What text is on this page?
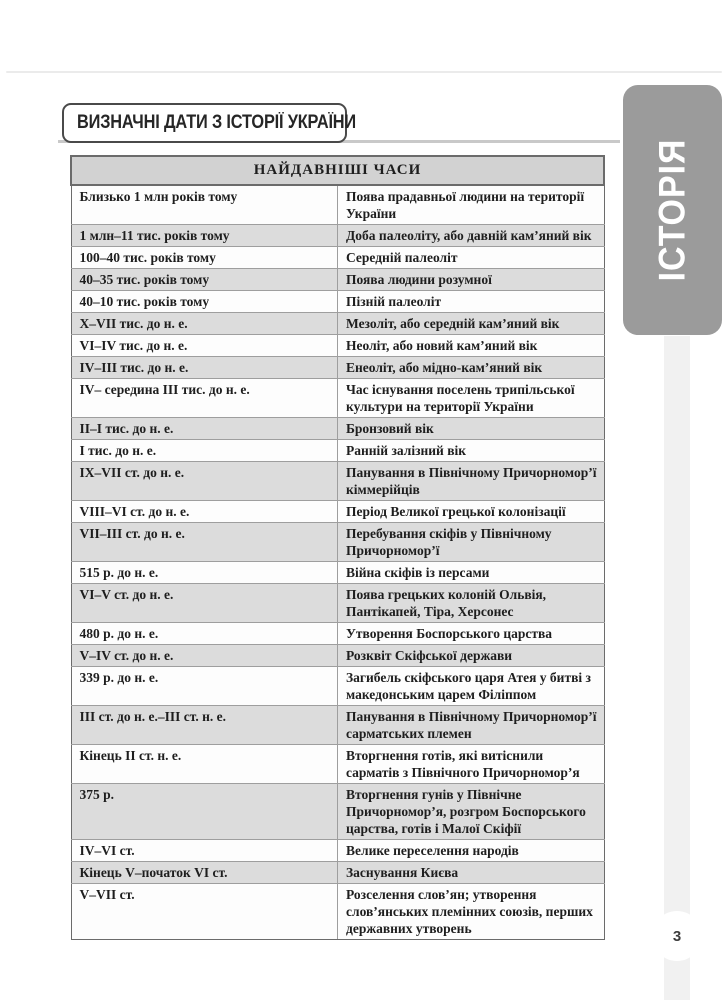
ВИЗНАЧНІ ДАТИ З ІСТОРІЇ УКРАЇНИ
ІСТОРІЯ
3
НАЙДАВНІШІ ЧАСИ	
Близько 1 млн років тому	Поява прадавньої людини на території України
1 млн–11 тис. років тому	Доба палеоліту, або давній кам’яний вік
100–40 тис. років тому	Середній палеоліт
40–35 тис. років тому	Поява людини розумної
40–10 тис. років тому	Пізній палеоліт
X–VII тис. до н. е.	Мезоліт, або середній кам’яний вік
VI–IV тис. до н. е.	Неоліт, або новий кам’яний вік
IV–III тис. до н. е.	Енеоліт, або мідно-кам’яний вік
IV– середина III тис. до н. е.	Час існування поселень трипільської культури на території України
II–I тис. до н. е.	Бронзовий вік
I тис. до н. е.	Ранній залізний вік
IX–VII ст. до н. е.	Панування в Північному Причорномор’ї кіммерійців
VIII–VI ст. до н. е.	Період Великої грецької колонізації
VII–III ст. до н. е.	Перебування скіфів у Північному Причорномор’ї
515 р. до н. е.	Війна скіфів із персами
VI–V ст. до н. е.	Поява грецьких колоній Ольвія, Пантікапей, Тіра, Херсонес
480 р. до н. е.	Утворення Боспорського царства
V–IV ст. до н. е.	Розквіт Скіфської держави
339 р. до н. е.	Загибель скіфського царя Атея у битві з македонським царем Філіппом
III ст. до н. е.–III ст. н. е.	Панування в Північному Причорномор’ї сарматських племен
Кінець II ст. н. е.	Вторгнення готів, які витіснили сарматів з Північного Причорномор’я
375 р.	Вторгнення гунів у Північне Причорномор’я, розгром Боспорського царства, готів і Малої Скіфії
IV–VI ст.	Велике переселення народів
Кінець V–початок VI ст.	Заснування Києва
V–VII ст.	Розселення слов’ян; утворення слов’янських племінних союзів, перших державних утворень
